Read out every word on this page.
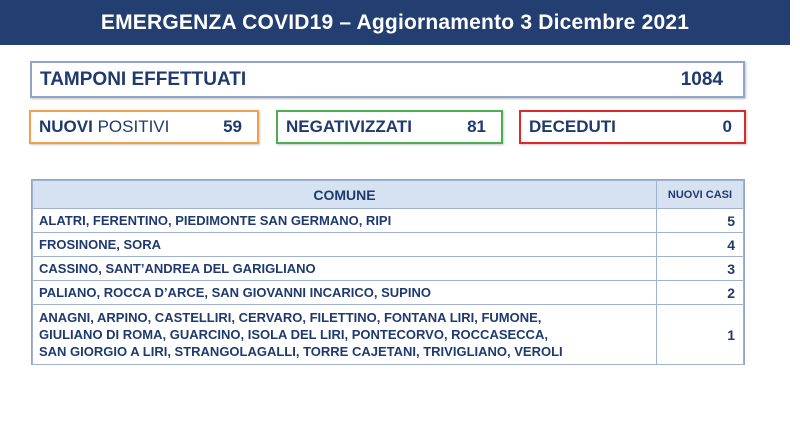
EMERGENZA COVID19 – Aggiornamento 3 Dicembre 2021
TAMPONI EFFETTUATI	1084
NUOVI POSITIVI	59	NEGATIVIZZATI	81	DECEDUTI	0
COMUNE	NUOVI CASI
ALATRI, FERENTINO, PIEDIMONTE SAN GERMANO, RIPI	5
FROSINONE, SORA	4
CASSINO, SANT’ANDREA DEL GARIGLIANO	3
PALIANO, ROCCA D’ARCE, SAN GIOVANNI INCARICO, SUPINO	2

ANAGNI, ARPINO, CASTELLIRI, CERVARO, FILETTINO, FONTANA LIRI, FUMONE,
GIULIANO DI ROMA, GUARCINO, ISOLA DEL LIRI, PONTECORVO, ROCCASECCA,
SAN GIORGIO A LIRI, STRANGOLAGALLI, TORRE CAJETANI, TRIVIGLIANO, VEROLI	1
